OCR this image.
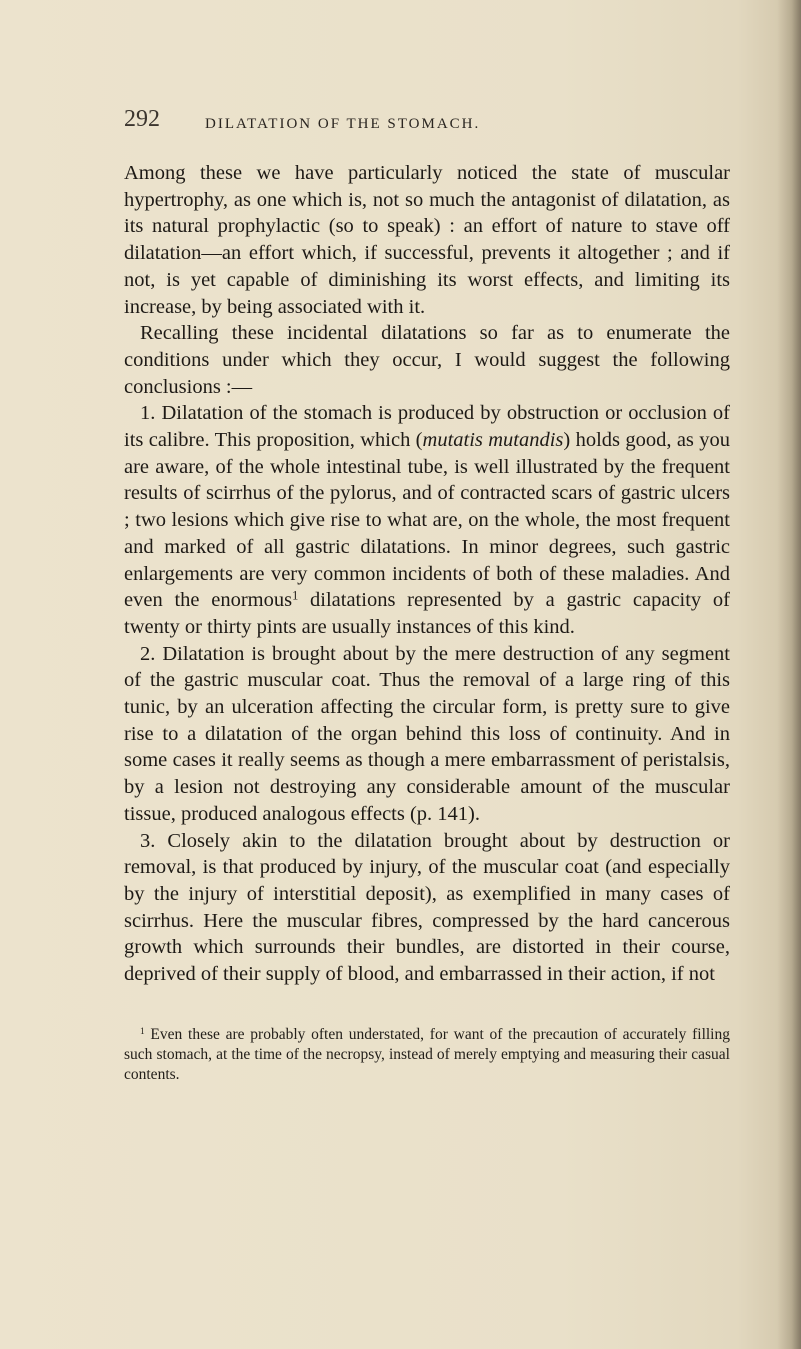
292	DILATATION OF THE STOMACH.

Among these we have particularly noticed the state of muscular hypertrophy, as one which is, not so much the antagonist of dilatation, as its natural prophylactic (so to speak) : an effort of nature to stave off dilatation—an effort which, if successful, prevents it altogether ; and if not, is yet capable of diminishing its worst effects, and limiting its increase, by being associated with it.

Recalling these incidental dilatations so far as to enumerate the conditions under which they occur, I would suggest the following conclusions :—

1. Dilatation of the stomach is produced by obstruction or occlusion of its calibre. This proposition, which (mutatis mutandis) holds good, as you are aware, of the whole intestinal tube, is well illustrated by the frequent results of scirrhus of the pylorus, and of contracted scars of gastric ulcers ; two lesions which give rise to what are, on the whole, the most frequent and marked of all gastric dilatations. In minor degrees, such gastric enlargements are very common incidents of both of these maladies. And even the enormous$^1$ dilatations represented by a gastric capacity of twenty or thirty pints are usually instances of this kind.

2. Dilatation is brought about by the mere destruction of any segment of the gastric muscular coat. Thus the removal of a large ring of this tunic, by an ulceration affecting the circular form, is pretty sure to give rise to a dilatation of the organ behind this loss of continuity. And in some cases it really seems as though a mere embarrassment of peristalsis, by a lesion not destroying any considerable amount of the muscular tissue, produced analogous effects (p. 141).

3. Closely akin to the dilatation brought about by destruction or removal, is that produced by injury, of the muscular coat (and especially by the injury of interstitial deposit), as exemplified in many cases of scirrhus. Here the muscular fibres, compressed by the hard cancerous growth which surrounds their bundles, are distorted in their course, deprived of their supply of blood, and embarrassed in their action, if not

$^1$ Even these are probably often understated, for want of the precaution of accurately filling such stomach, at the time of the necropsy, instead of merely emptying and measuring their casual contents.
